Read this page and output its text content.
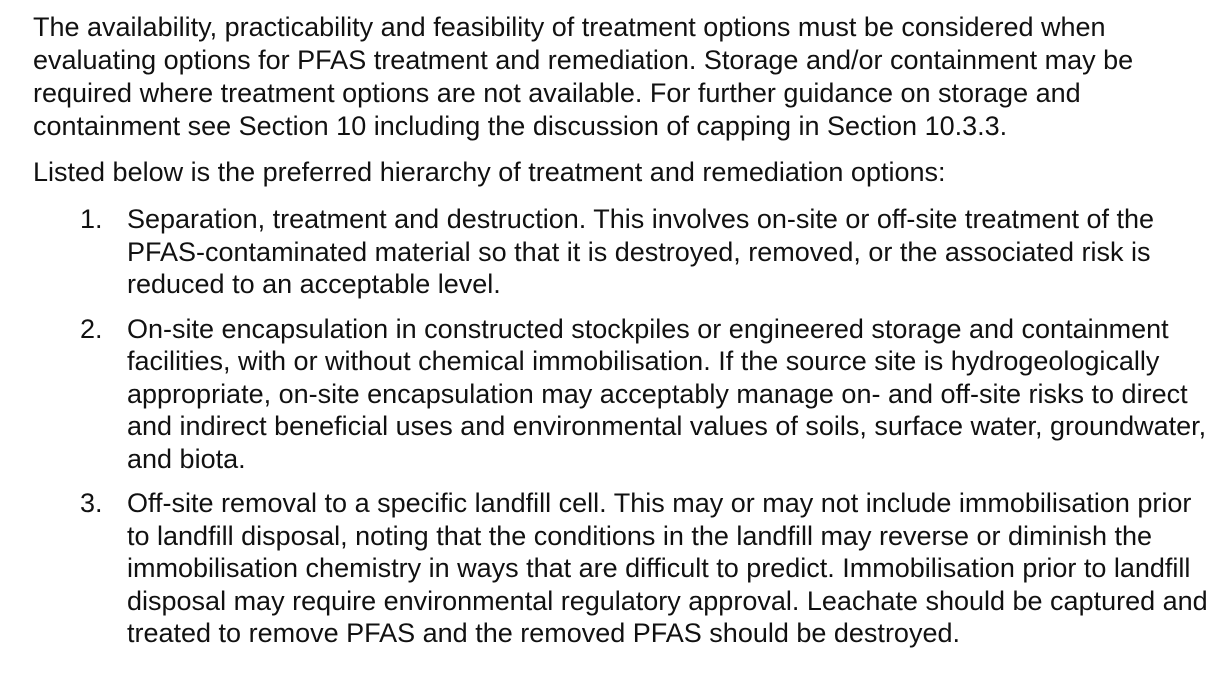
The availability, practicability and feasibility of treatment options must be considered when evaluating options for PFAS treatment and remediation. Storage and/or containment may be required where treatment options are not available. For further guidance on storage and containment see Section 10 including the discussion of capping in Section 10.3.3.

Listed below is the preferred hierarchy of treatment and remediation options:

1. Separation, treatment and destruction. This involves on-site or off-site treatment of the PFAS-contaminated material so that it is destroyed, removed, or the associated risk is reduced to an acceptable level.
2. On-site encapsulation in constructed stockpiles or engineered storage and containment facilities, with or without chemical immobilisation. If the source site is hydrogeologically appropriate, on-site encapsulation may acceptably manage on- and off-site risks to direct and indirect beneficial uses and environmental values of soils, surface water, groundwater, and biota.
3. Off-site removal to a specific landfill cell. This may or may not include immobilisation prior to landfill disposal, noting that the conditions in the landfill may reverse or diminish the immobilisation chemistry in ways that are difficult to predict. Immobilisation prior to landfill disposal may require environmental regulatory approval. Leachate should be captured and treated to remove PFAS and the removed PFAS should be destroyed.
